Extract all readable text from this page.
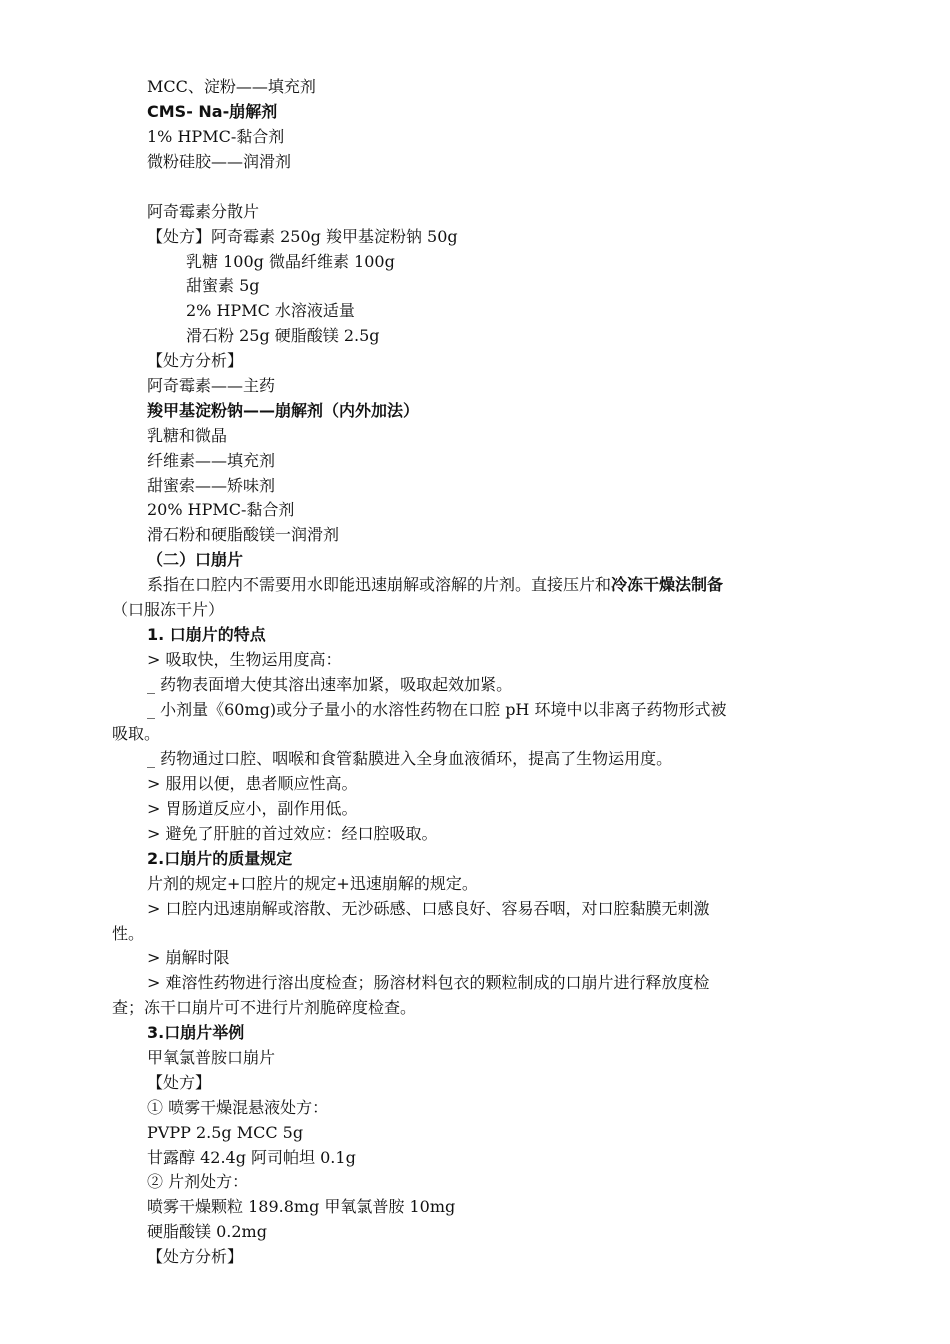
MCC、淀粉——填充剂
CMS- Na-崩解剂
1% HPMC-黏合剂
微粉硅胶——润滑剂
阿奇霉素分散片
【处方】阿奇霉素 250g 羧甲基淀粉钠 50g
乳糖 100g 微晶纤维素 100g
甜蜜素 5g
2% HPMC 水溶液适量
滑石粉 25g 硬脂酸镁 2.5g
【处方分析】
阿奇霉素——主药
羧甲基淀粉钠——崩解剂（内外加法）
乳糖和微晶
纤维素——填充剂
甜蜜索——矫味剂
20% HPMC-黏合剂
滑石粉和硬脂酸镁一润滑剂
（二）口崩片
系指在口腔内不需要用水即能迅速崩解或溶解的片剂。直接压片和冷冻干燥法制备
（口服冻干片）
1. 口崩片的特点
> 吸取快，生物运用度高：
_ 药物表面增大使其溶出速率加紧，吸取起效加紧。
_ 小剂量《60mg)或分子量小的水溶性药物在口腔 pH 环境中以非离子药物形式被
吸取。
_ 药物通过口腔、咽喉和食管黏膜进入全身血液循环，提高了生物运用度。
> 服用以便，患者顺应性高。
> 胃肠道反应小，副作用低。
> 避免了肝脏的首过效应：经口腔吸取。
2.口崩片的质量规定
片剂的规定+口腔片的规定+迅速崩解的规定。
> 口腔内迅速崩解或溶散、无沙砾感、口感良好、容易吞咽，对口腔黏膜无刺激
性。
> 崩解时限
> 难溶性药物进行溶出度检查；肠溶材料包衣的颗粒制成的口崩片进行释放度检
查；冻干口崩片可不进行片剂脆碎度检查。
3.口崩片举例
甲氧氯普胺口崩片
【处方】
① 喷雾干燥混悬液处方：
PVPP 2.5g MCC 5g
甘露醇 42.4g 阿司帕坦 0.1g
② 片剂处方：
喷雾干燥颗粒 189.8mg 甲氧氯普胺 10mg
硬脂酸镁 0.2mg
【处方分析】
